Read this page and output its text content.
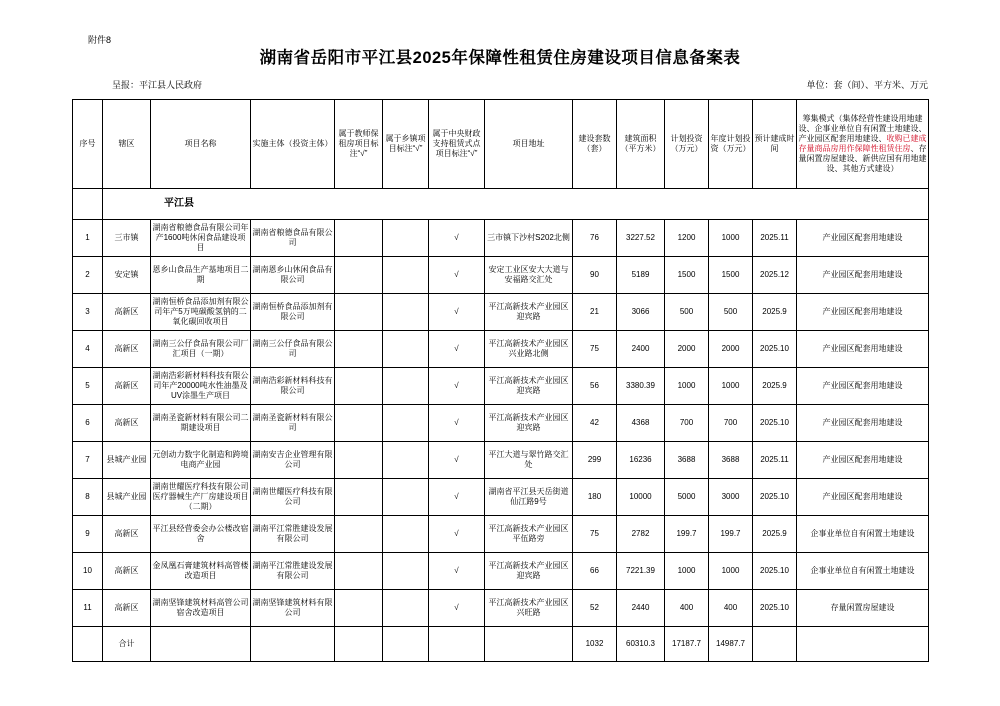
附件8
湖南省岳阳市平江县2025年保障性租赁住房建设项目信息备案表
呈报：平江县人民政府	单位：套（间）、平方米、万元
序号	辖区	项目名称	实施主体（投资主体）	属于教师保租房项目标注“√”	属于乡镇项目标注“√”	属于中央财政支持租赁式点项目标注“√”	项目地址	建设套数（套）	建筑面积（平方米）	计划投资（万元）	年度计划投资（万元）	预计建成时间	筹集模式（集体经营性建设用地建设、企事业单位自有闲置土地建设、产业园区配套用地建设、收购已建成存量商品房用作保障性租赁住房、存量闲置房屋建设、新供应国有用地建设、其他方式建设）
	平江县												
1	三市镇	湖南省粮德食品有限公司年产1600吨休闲食品建设项目	湖南省粮德食品有限公司			√	三市镇下沙村S202北侧	76	3227.52	1200	1000	2025.11	产业园区配套用地建设
2	安定镇	恩乡山食品生产基地项目二期	湖南恩乡山休闲食品有限公司			√	安定工业区安大大道与安福路交汇处	90	5189	1500	1500	2025.12	产业园区配套用地建设
3	高新区	湖南恒桥食品添加剂有限公司年产5万吨碳酸氢钠的二氧化碳回收项目	湖南恒桥食品添加剂有限公司			√	平江高新技术产业园区迎宾路	21	3066	500	500	2025.9	产业园区配套用地建设
4	高新区	湖南三公仔食品有限公司厂汇项目（一期）	湖南三公仔食品有限公司			√	平江高新技术产业园区兴业路北侧	75	2400	2000	2000	2025.10	产业园区配套用地建设
5	高新区	湖南浩彩新材料科技有限公司年产20000吨水性油墨及UV涂墨生产项目	湖南浩彩新材料科技有限公司			√	平江高新技术产业园区迎宾路	56	3380.39	1000	1000	2025.9	产业园区配套用地建设
6	高新区	湖南圣瓷新材料有限公司二期建设项目	湖南圣瓷新材料有限公司			√	平江高新技术产业园区迎宾路	42	4368	700	700	2025.10	产业园区配套用地建设
7	县城产业园	元创动力数字化制造和跨境电商产业园	湖南安吉企业管理有限公司			√	平江大道与翠竹路交汇处	299	16236	3688	3688	2025.11	产业园区配套用地建设
8	县城产业园	湖南世耀医疗科技有限公司医疗器械生产厂房建设项目（二期）	湖南世耀医疗科技有限公司			√	湖南省平江县天岳街道仙江路9号	180	10000	5000	3000	2025.10	产业园区配套用地建设
9	高新区	平江县经营委会办公楼改宿舍	湖南平江常胜建设发展有限公司			√	平江高新技术产业园区平伍路旁	75	2782	199.7	199.7	2025.9	企事业单位自有闲置土地建设
10	高新区	金凤凰石膏建筑材料高管楼改造项目	湖南平江常胜建设发展有限公司			√	平江高新技术产业园区迎宾路	66	7221.39	1000	1000	2025.10	企事业单位自有闲置土地建设
11	高新区	湖南坚锋建筑材料高管公司宿舍改造项目	湖南坚锋建筑材料有限公司			√	平江高新技术产业园区兴旺路	52	2440	400	400	2025.10	存量闲置房屋建设
	合计							1032	60310.3	17187.7	14987.7		
